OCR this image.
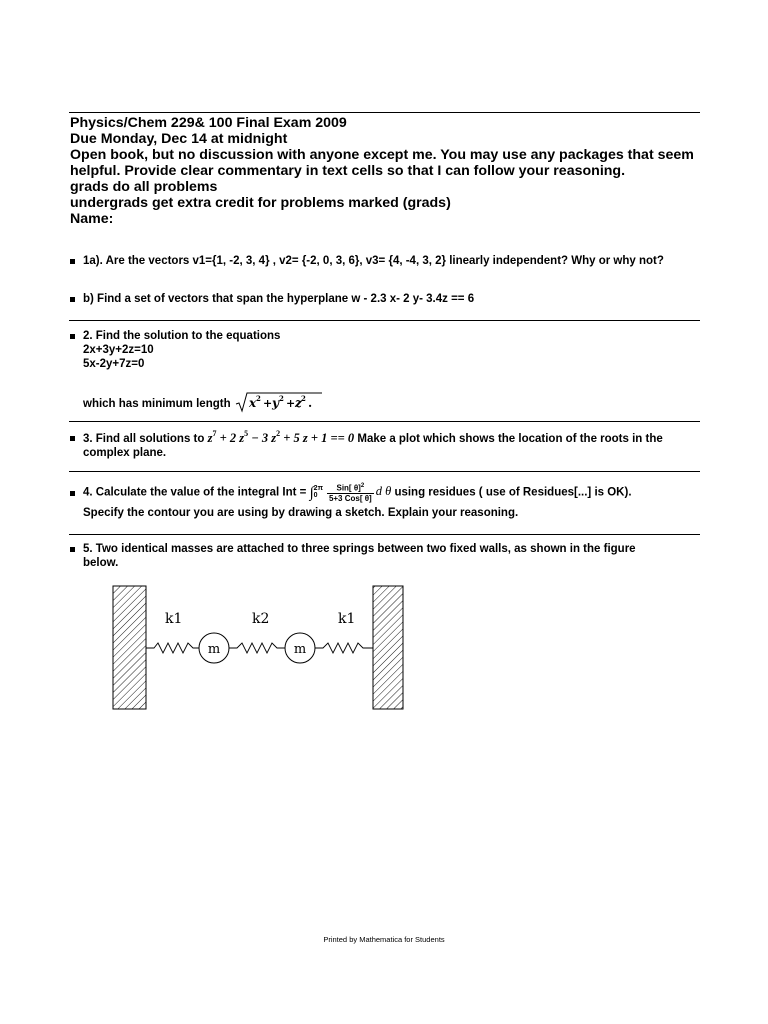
Physics/Chem 229& 100 Final Exam 2009
Due Monday, Dec 14 at midnight
Open book, but no discussion with anyone except me. You may use any packages that seem
helpful. Provide clear commentary in text cells so that I can follow your reasoning.
grads do all problems
undergrads get extra credit for problems marked (grads)
Name:
1a). Are the vectors v1={1, -2, 3, 4} , v2= {-2, 0, 3, 6}, v3= {4, -4, 3, 2} linearly independent? Why or why not?
b) Find a set of vectors that span the hyperplane w - 2.3 x- 2 y- 3.4z == 6
2. Find the solution to the equations
2x+3y+2z=10
5x-2y+7z=0
which has minimum length x 2 + y 2 + z 2 .
3. Find all solutions to $z^7 + 2$ $z^5 - 3$ $z^2 + 5$ z + 1 == 0 Make a plot which shows the location of the roots in the
complex plane.
4. Calculate the value of the integral Int = ∫2π
$0 \frac{Sin[ \theta]^2}{\text{5+3 Cos[ θ]}}$ d θ using residues ( use of Residues[...] is OK).
Specify the contour you are using by drawing a sketch. Explain your reasoning.
5. Two identical masses are attached to three springs between two fixed walls, as shown in the figure
below.
k1	k2	k1
m	m
Printed by Mathematica for Students
